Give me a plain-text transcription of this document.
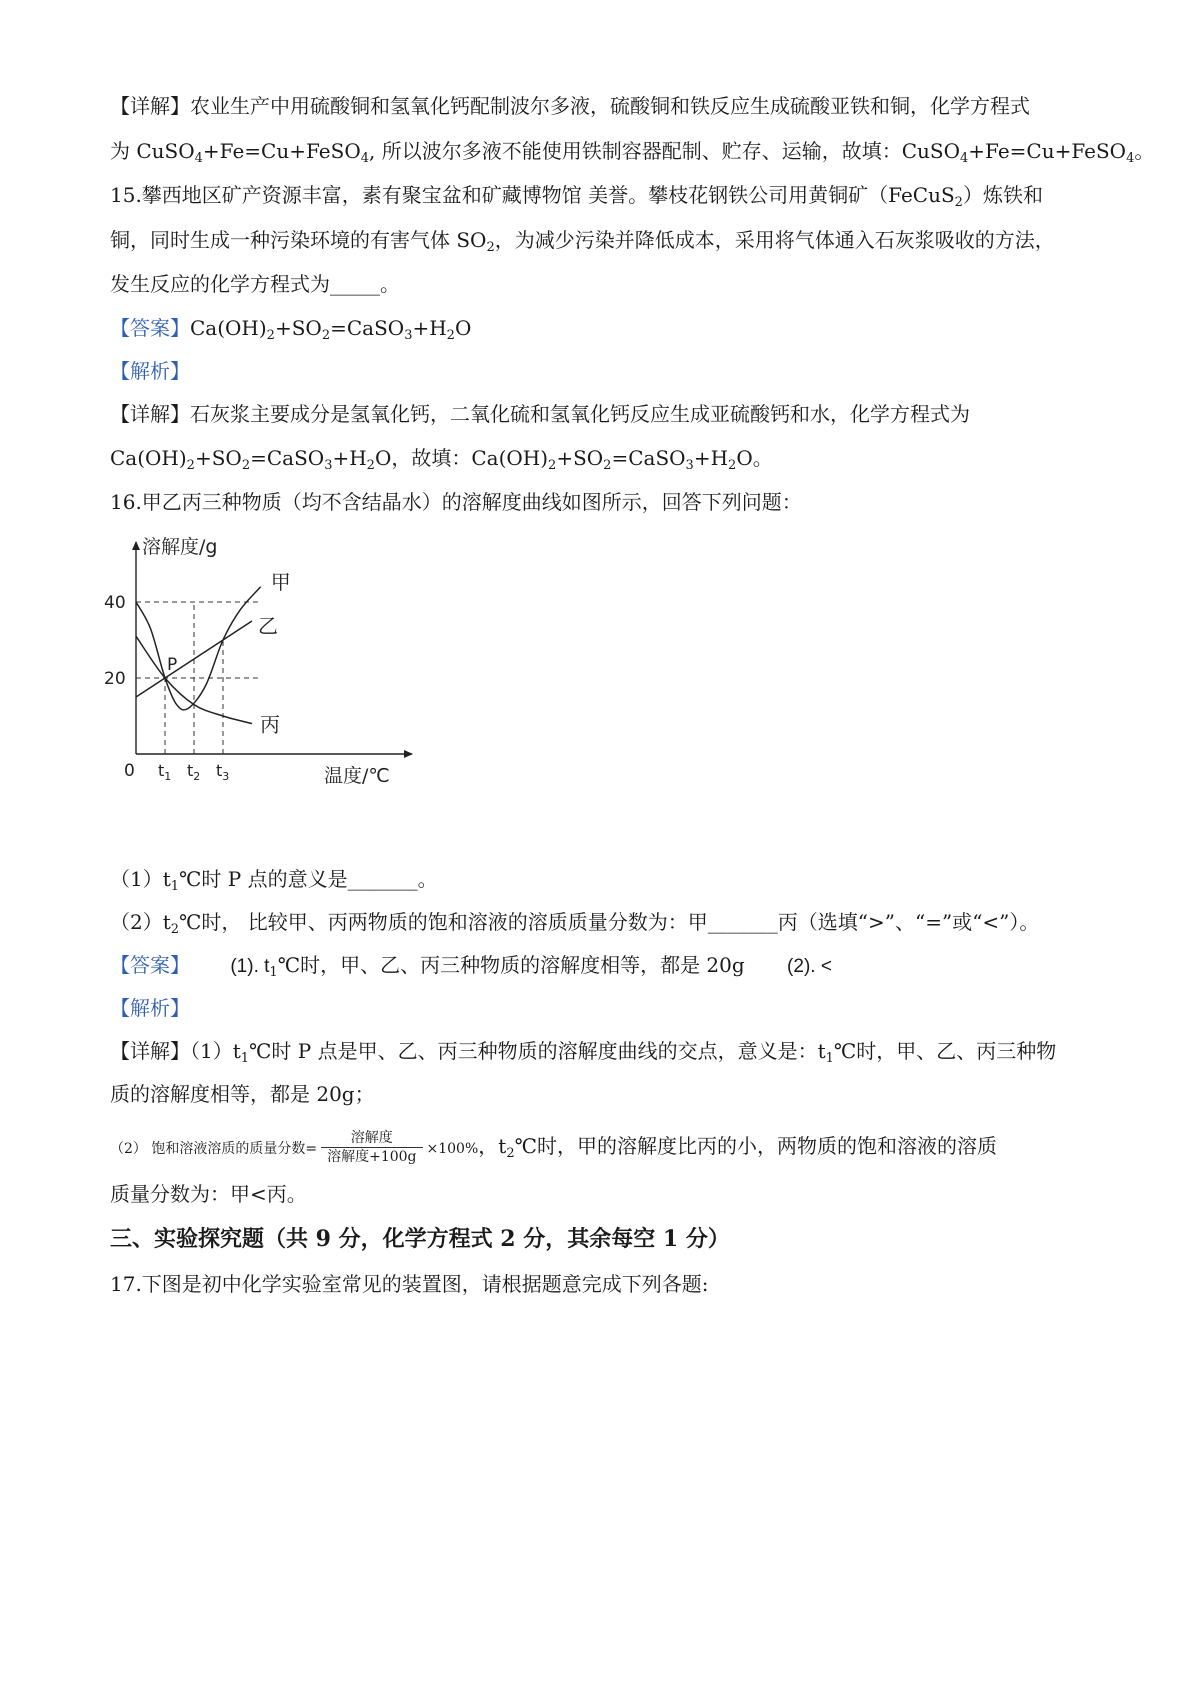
【详解】农业生产中用硫酸铜和氢氧化钙配制波尔多液，硫酸铜和铁反应生成硫酸亚铁和铜，化学方程式
为 CuSO$_4$+Fe=Cu+FeSO$_4$, 所以波尔多液不能使用铁制容器配制、贮存、运输，故填：CuSO$_4$+Fe=Cu+FeSO$_4$。
15.攀西地区矿产资源丰富，素有聚宝盆和矿藏博物馆 美誉。攀枝花钢铁公司用黄铜矿（FeCuS$_2$）炼铁和
铜，同时生成一种污染环境的有害气体 $SO_2$，为减少污染并降低成本，采用将气体通入石灰浆吸收的方法，
发生反应的化学方程式为_____。
【答案】$Ca(OH)_2+SO_2=CaSO_3+H_2O$
【解析】
【详解】石灰浆主要成分是氢氧化钙，二氧化硫和氢氧化钙反应生成亚硫酸钙和水，化学方程式为
$Ca(OH)_2+SO_2=CaSO_3+H_2O$，故填：$Ca(OH)_2+SO_2=CaSO_3+H_2O$。
16.甲乙丙三种物质（均不含结晶水）的溶解度曲线如图所示，回答下列问题：
溶解度/g
温度/℃
0
20
40
$t_1$ $t_2$ $t_3$
甲
乙
丙
P
$(1)t_1℃$时 P 点的意义是_______。
$(2)t_2℃$时， 比较甲、丙两物质的饱和溶液的溶质质量分数为：甲_______丙（选填“>”、“=”或“<”）。
【答案】 (1). $t_1℃$时，甲、乙、丙三种物质的溶解度相等，都是 20g (2). <
【解析】
【详解】$(1)t_1℃$时 P 点是甲、乙、丙三种物质的溶解度曲线的交点，意义是：$t_1℃$时，甲、乙、丙三种物
质的溶解度相等，都是 20g；
（2） 饱和溶液溶质的质量分数= $\frac{\text{溶解度}}{\text{溶解度+100g}} \times 100\%$，$t_2℃$时，甲的溶解度比丙的小，两物质的饱和溶液的溶质
质量分数为：甲<丙。
三、实验探究题（共 9 分，化学方程式 2 分，其余每空 1 分）
17.下图是初中化学实验室常见的装置图，请根据题意完成下列各题:
